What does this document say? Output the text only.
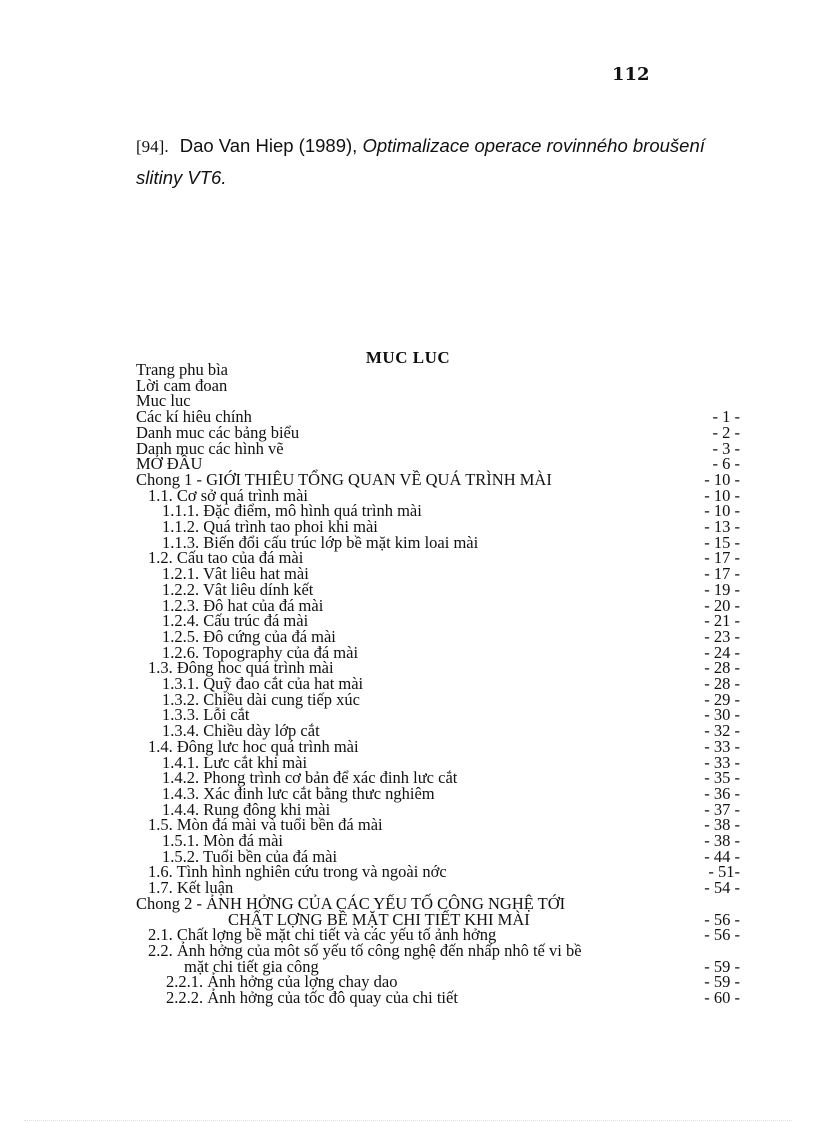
112
[94]. Dao Van Hiep (1989), Optimalizace operace rovinného broušení slitiny VT6.
MUC LUC
Trang phu bìa
Lời cam đoan
Muc luc
Các kí hiêu chính	- 1 -
Danh muc các bảng biểu	- 2 -
Danh muc các hình vẽ	- 3 -
MỞ ĐẦU	- 6 -
Chong 1 - GIỚI THIÊU TỔNG QUAN VỀ QUÁ TRÌNH MÀI	- 10 -
1.1. Cơ sở quá trình mài	- 10 -
1.1.1. Đặc điểm, mô hình quá trình mài	- 10 -
1.1.2. Quá trình tao phoi khi mài	- 13 -
1.1.3. Biến đổi cấu trúc lớp bề mặt kim loai mài	- 15 -
1.2. Cấu tao của đá mài	- 17 -
1.2.1. Vât liêu hat mài	- 17 -
1.2.2. Vât liêu dính kết	- 19 -
1.2.3. Đô hat của đá mài	- 20 -
1.2.4. Cấu trúc đá mài	- 21 -
1.2.5. Đô cứng của đá mài	- 23 -
1.2.6. Topography của đá mài	- 24 -
1.3. Đông hoc quá trình mài	- 28 -
1.3.1. Quỹ đao cắt của hat mài	- 28 -
1.3.2. Chiều dài cung tiếp xúc	- 29 -
1.3.3. Lỗi cắt	- 30 -
1.3.4. Chiều dày lớp cắt	- 32 -
1.4. Đông lưc hoc quá trình mài	- 33 -
1.4.1. Lưc cắt khi mài	- 33 -
1.4.2. Phong trình cơ bản để xác đinh lưc cắt	- 35 -
1.4.3. Xác đinh lưc cắt bằng thưc nghiêm	- 36 -
1.4.4. Rung đông khi mài	- 37 -
1.5. Mòn đá mài và tuổi bền đá mài	- 38 -
1.5.1. Mòn đá mài	- 38 -
1.5.2. Tuổi bền của đá mài	- 44 -
1.6. Tình hình nghiên cứu trong và ngoài nớc	- 51-
1.7. Kết luận	- 54 -
Chong 2 - ẢNH HỞNG CỦA CÁC YẾU TỐ CÔNG NGHỆ TỚI
CHẤT LỢNG BỀ MẶT CHI TIẾT KHI MÀI	- 56 -
2.1. Chất lợng bề mặt chi tiết và các yếu tố ảnh hởng	- 56 -
2.2. Ảnh hởng của môt số yếu tố công nghệ đến nhấp nhô tế vi bề
mặt chi tiết gia công	- 59 -
2.2.1. Ảnh hởng của lợng chay dao	- 59 -
2.2.2. Ảnh hởng của tốc đô quay của chi tiết	- 60 -
